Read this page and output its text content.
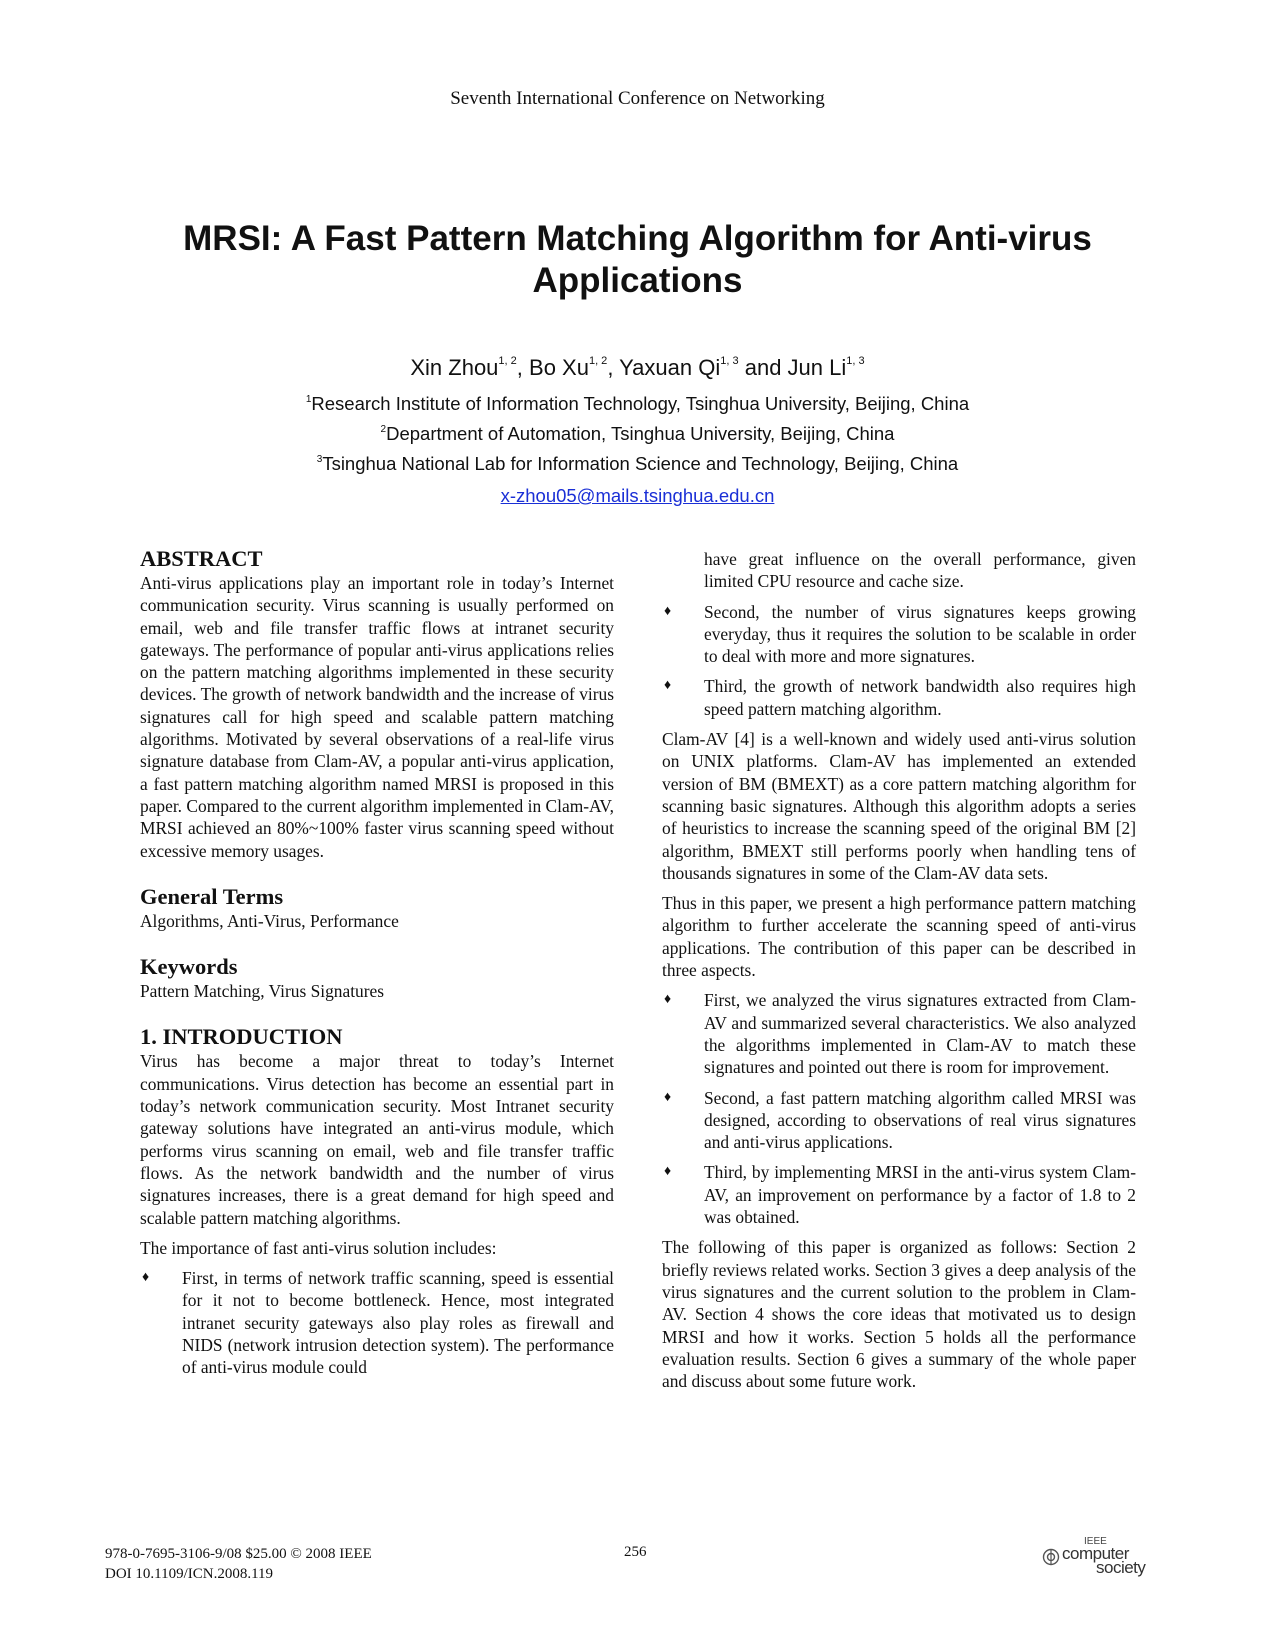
Seventh International Conference on Networking
MRSI: A Fast Pattern Matching Algorithm for Anti-virus
Applications
Xin Zhou$^{1, 2}$, Bo Xu$^{1, 2}$, Yaxuan Qi$^{1, 3}$ and Jun Li$^{1, 3}$
$^1$Research Institute of Information Technology, Tsinghua University, Beijing, China
$^2$Department of Automation, Tsinghua University, Beijing, China
$^3$Tsinghua National Lab for Information Science and Technology, Beijing, China
x-zhou05@mails.tsinghua.edu.cn
ABSTRACT

Anti-virus applications play an important role in today’s Internet communication security. Virus scanning is usually performed on email, web and file transfer traffic flows at intranet security gateways. The performance of popular anti-virus applications relies on the pattern matching algorithms implemented in these security devices. The growth of network bandwidth and the increase of virus signatures call for high speed and scalable pattern matching algorithms. Motivated by several observations of a real-life virus signature database from Clam-AV, a popular anti-virus application, a fast pattern matching algorithm named MRSI is proposed in this paper. Compared to the current algorithm implemented in Clam-AV, MRSI achieved an 80%~100% faster virus scanning speed without excessive memory usages.

General Terms

Algorithms, Anti-Virus, Performance

Keywords

Pattern Matching, Virus Signatures

1. INTRODUCTION

Virus has become a major threat to today’s Internet communications. Virus detection has become an essential part in today’s network communication security. Most Intranet security gateway solutions have integrated an anti-virus module, which performs virus scanning on email, web and file transfer traffic flows. As the network bandwidth and the number of virus signatures increases, there is a great demand for high speed and scalable pattern matching algorithms.

The importance of fast anti-virus solution includes:

♦ First, in terms of network traffic scanning, speed is essential for it not to become bottleneck. Hence, most integrated intranet security gateways also play roles as firewall and NIDS (network intrusion detection system). The performance of anti-virus module could

have great influence on the overall performance, given limited CPU resource and cache size.

♦ Second, the number of virus signatures keeps growing everyday, thus it requires the solution to be scalable in order to deal with more and more signatures.
♦ Third, the growth of network bandwidth also requires high speed pattern matching algorithm.

Clam-AV [4] is a well-known and widely used anti-virus solution on UNIX platforms. Clam-AV has implemented an extended version of BM (BMEXT) as a core pattern matching algorithm for scanning basic signatures. Although this algorithm adopts a series of heuristics to increase the scanning speed of the original BM [2] algorithm, BMEXT still performs poorly when handling tens of thousands signatures in some of the Clam-AV data sets.

Thus in this paper, we present a high performance pattern matching algorithm to further accelerate the scanning speed of anti-virus applications. The contribution of this paper can be described in three aspects.

♦ First, we analyzed the virus signatures extracted from Clam-AV and summarized several characteristics. We also analyzed the algorithms implemented in Clam-AV to match these signatures and pointed out there is room for improvement.
♦ Second, a fast pattern matching algorithm called MRSI was designed, according to observations of real virus signatures and anti-virus applications.
♦ Third, by implementing MRSI in the anti-virus system Clam-AV, an improvement on performance by a factor of 1.8 to 2 was obtained.

The following of this paper is organized as follows: Section 2 briefly reviews related works. Section 3 gives a deep analysis of the virus signatures and the current solution to the problem in Clam-AV. Section 4 shows the core ideas that motivated us to design MRSI and how it works. Section 5 holds all the performance evaluation results. Section 6 gives a summary of the whole paper and discuss about some future work.

978-0-7695-3106-9/08 $25.00 © 2008 IEEE
DOI 10.1109/ICN.2008.119
256
IEEE
computer
society
